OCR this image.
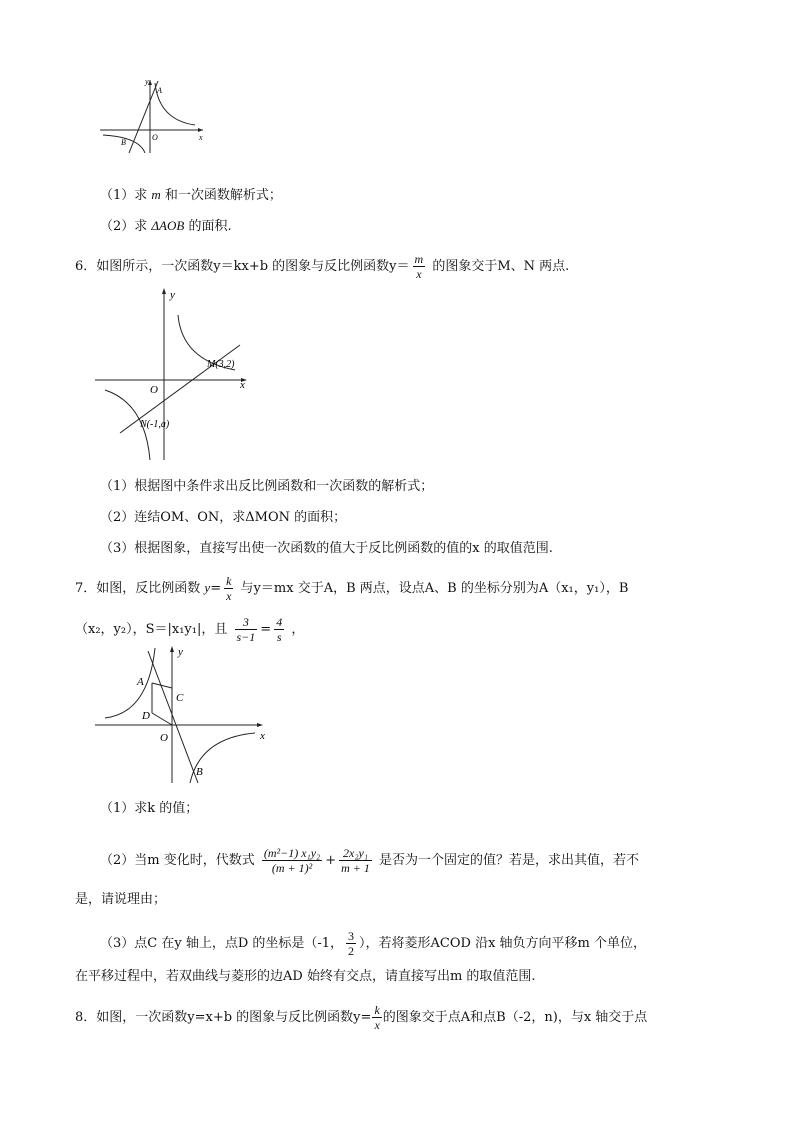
y
x
A
O
B
（1）求 m 和一次函数解析式；
（2）求 ΔAOB 的面积.
6．如图所示，一次函数y＝kx+b 的图象与反比例函数$y= \frac{m}{x}$ 的图象交于M、N 两点.
y
x
O
M(3,2)
N(-1,a)
（1）根据图中条件求出反比例函数和一次函数的解析式；
（2）连结OM、ON，求ΔMON 的面积；
（3）根据图象，直接写出使一次函数的值大于反比例函数的值的x 的取值范围.
7．如图，反比例函数 $y= \frac{k}{x}$ 与y＝mx 交于A，B 两点，设点A、B 的坐标分别为A（x₁，y₁），B
（x₂，y₂），S＝|x₁y₁|，且 $\frac{3}{s-1} = \frac{4}{s}$ ，
y
x
A
C
D
O
B
（1）求k 的值；
（2）当m 变化时，代数式 $\frac{\text{(m²−1) x₁y₂}}{\text{(m + 1)²}} + \frac{\text{2x₂y₁}}{m + 1}$ 是否为一个固定的值？若是，求出其值，若不
是，请说理由；
（3）点C 在y 轴上，点D 的坐标是（-1， $\frac{3}{2}$ ），若将菱形ACOD 沿x 轴负方向平移m 个单位，
在平移过程中，若双曲线与菱形的边AD 始终有交点，请直接写出m 的取值范围.
8．如图，一次函数y=x+b 的图象与反比例函数$y= \frac{k}{x}$ 的图象交于点A和点B（-2，n)，与x 轴交于点
